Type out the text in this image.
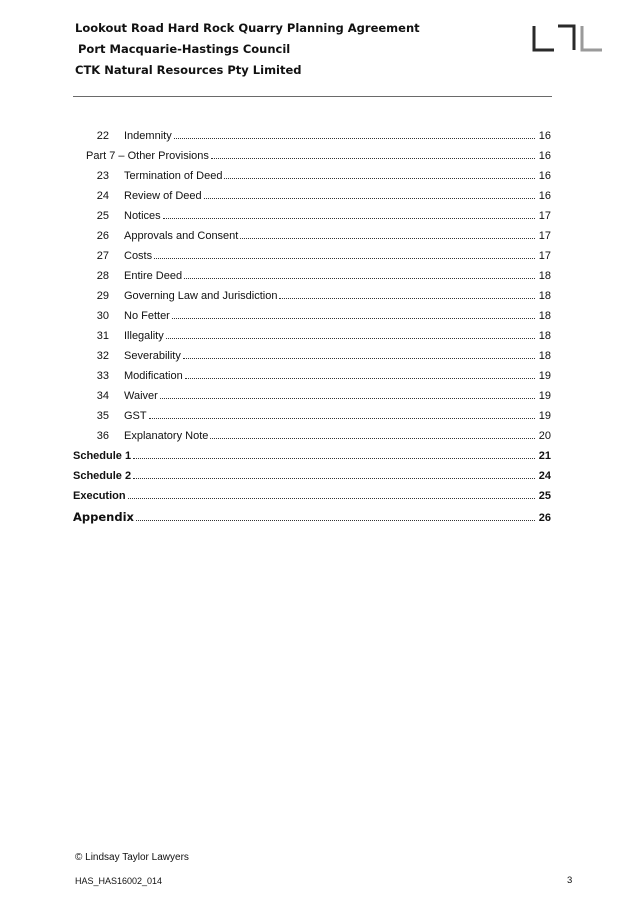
Lookout Road Hard Rock Quarry Planning Agreement
Port Macquarie-Hastings Council
CTK Natural Resources Pty Limited
22	Indemnity	16
Part 7 – Other Provisions	16
23	Termination of Deed	16
24	Review of Deed	16
25	Notices	17
26	Approvals and Consent	17
27	Costs	17
28	Entire Deed	18
29	Governing Law and Jurisdiction	18
30	No Fetter	18
31	Illegality	18
32	Severability	18
33	Modification	19
34	Waiver	19
35	GST	19
36	Explanatory Note	20
Schedule 1	21
Schedule 2	24
Execution	25
Appendix	26
© Lindsay Taylor Lawyers
HAS_HAS16002_014	3
